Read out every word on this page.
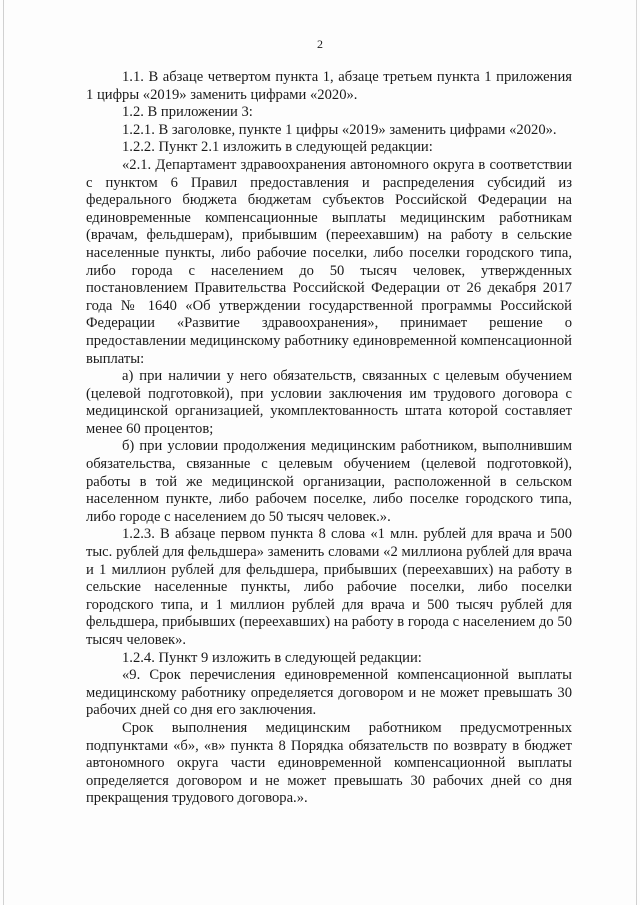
2

1.1. В абзаце четвертом пункта 1, абзаце третьем пункта 1 приложения 1 цифры «2019» заменить цифрами «2020».

1.2. В приложении 3:

1.2.1. В заголовке, пункте 1 цифры «2019» заменить цифрами «2020».

1.2.2. Пункт 2.1 изложить в следующей редакции:

«2.1. Департамент здравоохранения автономного округа в соответствии с пунктом 6 Правил предоставления и распределения субсидий из федерального бюджета бюджетам субъектов Российской Федерации на единовременные компенсационные выплаты медицинским работникам (врачам, фельдшерам), прибывшим (переехавшим) на работу в сельские населенные пункты, либо рабочие поселки, либо поселки городского типа, либо города с населением до 50 тысяч человек, утвержденных постановлением Правительства Российской Федерации от 26 декабря 2017 года № 1640 «Об утверждении государственной программы Российской Федерации «Развитие здравоохранения», принимает решение о предоставлении медицинскому работнику единовременной компенсационной выплаты:

а) при наличии у него обязательств, связанных с целевым обучением (целевой подготовкой), при условии заключения им трудового договора с медицинской организацией, укомплектованность штата которой составляет менее 60 процентов;

б) при условии продолжения медицинским работником, выполнившим обязательства, связанные с целевым обучением (целевой подготовкой), работы в той же медицинской организации, расположенной в сельском населенном пункте, либо рабочем поселке, либо поселке городского типа, либо городе с населением до 50 тысяч человек.».

1.2.3. В абзаце первом пункта 8 слова «1 млн. рублей для врача и 500 тыс. рублей для фельдшера» заменить словами «2 миллиона рублей для врача и 1 миллион рублей для фельдшера, прибывших (переехавших) на работу в сельские населенные пункты, либо рабочие поселки, либо поселки городского типа, и 1 миллион рублей для врача и 500 тысяч рублей для фельдшера, прибывших (переехавших) на работу в города с населением до 50 тысяч человек».

1.2.4. Пункт 9 изложить в следующей редакции:

«9. Срок перечисления единовременной компенсационной выплаты медицинскому работнику определяется договором и не может превышать 30 рабочих дней со дня его заключения.

Срок выполнения медицинским работником предусмотренных подпунктами «б», «в» пункта 8 Порядка обязательств по возврату в бюджет автономного округа части единовременной компенсационной выплаты определяется договором и не может превышать 30 рабочих дней со дня прекращения трудового договора.».
